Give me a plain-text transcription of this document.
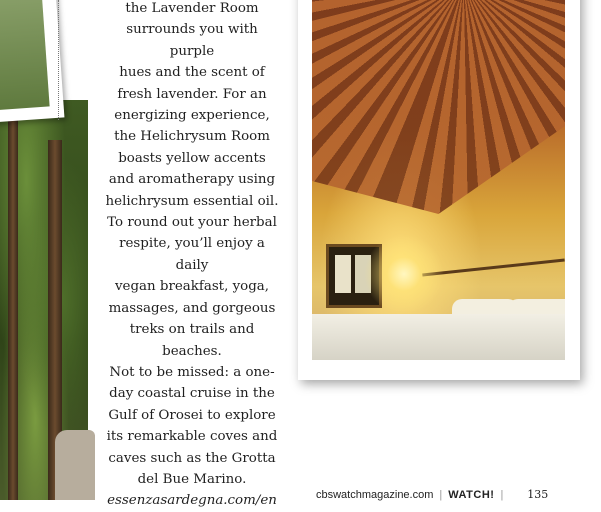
the Lavender Room

surrounds you with purple

hues and the scent of

fresh lavender. For an

energizing experience,

the Helichrysum Room

boasts yellow accents

and aromatherapy using

helichrysum essential oil.

To round out your herbal

respite, you’ll enjoy a daily

vegan breakfast, yoga,

massages, and gorgeous

treks on trails and beaches.

Not to be missed: a one-

day coastal cruise in the

Gulf of Orosei to explore

its remarkable coves and

caves such as the Grotta

del Bue Marino.

essenzasardegna.com/en	cbswatchmagazine.com | WATCH! | 135
